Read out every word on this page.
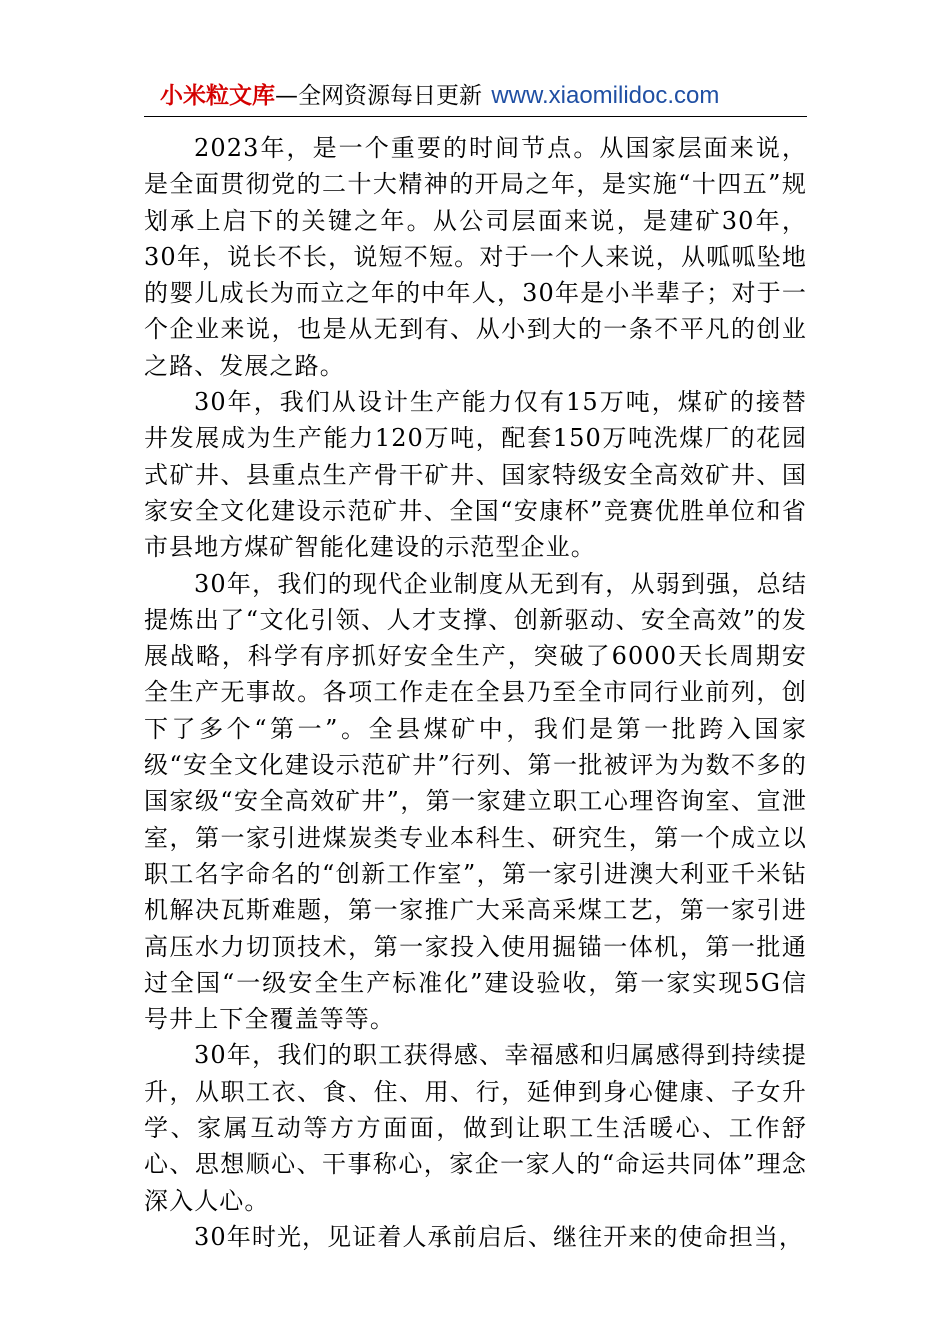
小米粒文库—全网资源每日更新 www.xiaomilidoc.com

2023年，是一个重要的时间节点。从国家层面来说，是全面贯彻党的二十大精神的开局之年，是实施“十四五”规划承上启下的关键之年。从公司层面来说，是建矿30年，30年，说长不长，说短不短。对于一个人来说，从呱呱坠地的婴儿成长为而立之年的中年人，30年是小半辈子；对于一个企业来说，也是从无到有、从小到大的一条不平凡的创业之路、发展之路。

30年，我们从设计生产能力仅有15万吨，煤矿的接替井发展成为生产能力120万吨，配套150万吨洗煤厂的花园式矿井、县重点生产骨干矿井、国家特级安全高效矿井、国家安全文化建设示范矿井、全国“安康杯”竞赛优胜单位和省市县地方煤矿智能化建设的示范型企业。

30年，我们的现代企业制度从无到有，从弱到强，总结提炼出了“文化引领、人才支撑、创新驱动、安全高效”的发展战略，科学有序抓好安全生产，突破了6000天长周期安全生产无事故。各项工作走在全县乃至全市同行业前列，创下了多个“第一”。全县煤矿中，我们是第一批跨入国家级“安全文化建设示范矿井”行列、第一批被评为为数不多的国家级“安全高效矿井”，第一家建立职工心理咨询室、宣泄室，第一家引进煤炭类专业本科生、研究生，第一个成立以职工名字命名的“创新工作室”，第一家引进澳大利亚千米钻机解决瓦斯难题，第一家推广大采高采煤工艺，第一家引进高压水力切顶技术，第一家投入使用掘锚一体机，第一批通过全国“一级安全生产标准化”建设验收，第一家实现5G信号井上下全覆盖等等。

30年，我们的职工获得感、幸福感和归属感得到持续提升，从职工衣、食、住、用、行，延伸到身心健康、子女升学、家属互动等方方面面，做到让职工生活暖心、工作舒心、思想顺心、干事称心，家企一家人的“命运共同体”理念深入人心。

30年时光，见证着人承前启后、继往开来的使命担当，
